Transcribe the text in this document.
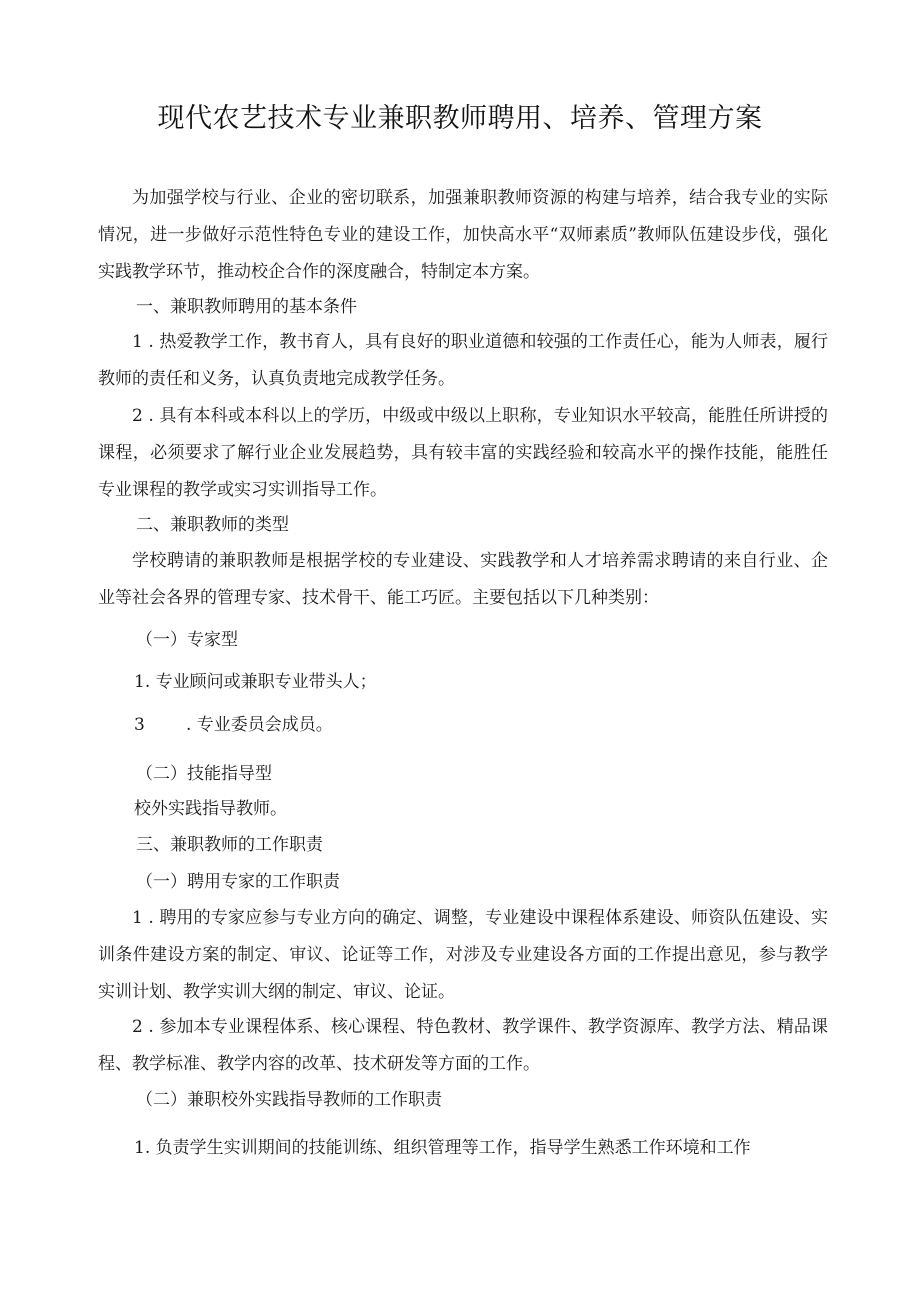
现代农艺技术专业兼职教师聘用、培养、管理方案
为加强学校与行业、企业的密切联系，加强兼职教师资源的构建与培养，结合我专业的实际情况，进一步做好示范性特色专业的建设工作，加快高水平“双师素质”教师队伍建设步伐，强化实践教学环节，推动校企合作的深度融合，特制定本方案。
一、兼职教师聘用的基本条件
1 . 热爱教学工作，教书育人，具有良好的职业道德和较强的工作责任心，能为人师表，履行教师的责任和义务，认真负责地完成教学任务。
2 . 具有本科或本科以上的学历，中级或中级以上职称，专业知识水平较高，能胜任所讲授的课程，必须要求了解行业企业发展趋势，具有较丰富的实践经验和较高水平的操作技能，能胜任专业课程的教学或实习实训指导工作。
二、兼职教师的类型
学校聘请的兼职教师是根据学校的专业建设、实践教学和人才培养需求聘请的来自行业、企业等社会各界的管理专家、技术骨干、能工巧匠。主要包括以下几种类别：
（一）专家型
1. 专业顾问或兼职专业带头人；
3 . 专业委员会成员。
（二）技能指导型
校外实践指导教师。
三、兼职教师的工作职责
（一）聘用专家的工作职责
1 . 聘用的专家应参与专业方向的确定、调整，专业建设中课程体系建设、师资队伍建设、实训条件建设方案的制定、审议、论证等工作，对涉及专业建设各方面的工作提出意见，参与教学实训计划、教学实训大纲的制定、审议、论证。
2 . 参加本专业课程体系、核心课程、特色教材、教学课件、教学资源库、教学方法、精品课程、教学标准、教学内容的改革、技术研发等方面的工作。
（二）兼职校外实践指导教师的工作职责
1. 负责学生实训期间的技能训练、组织管理等工作，指导学生熟悉工作环境和工作
